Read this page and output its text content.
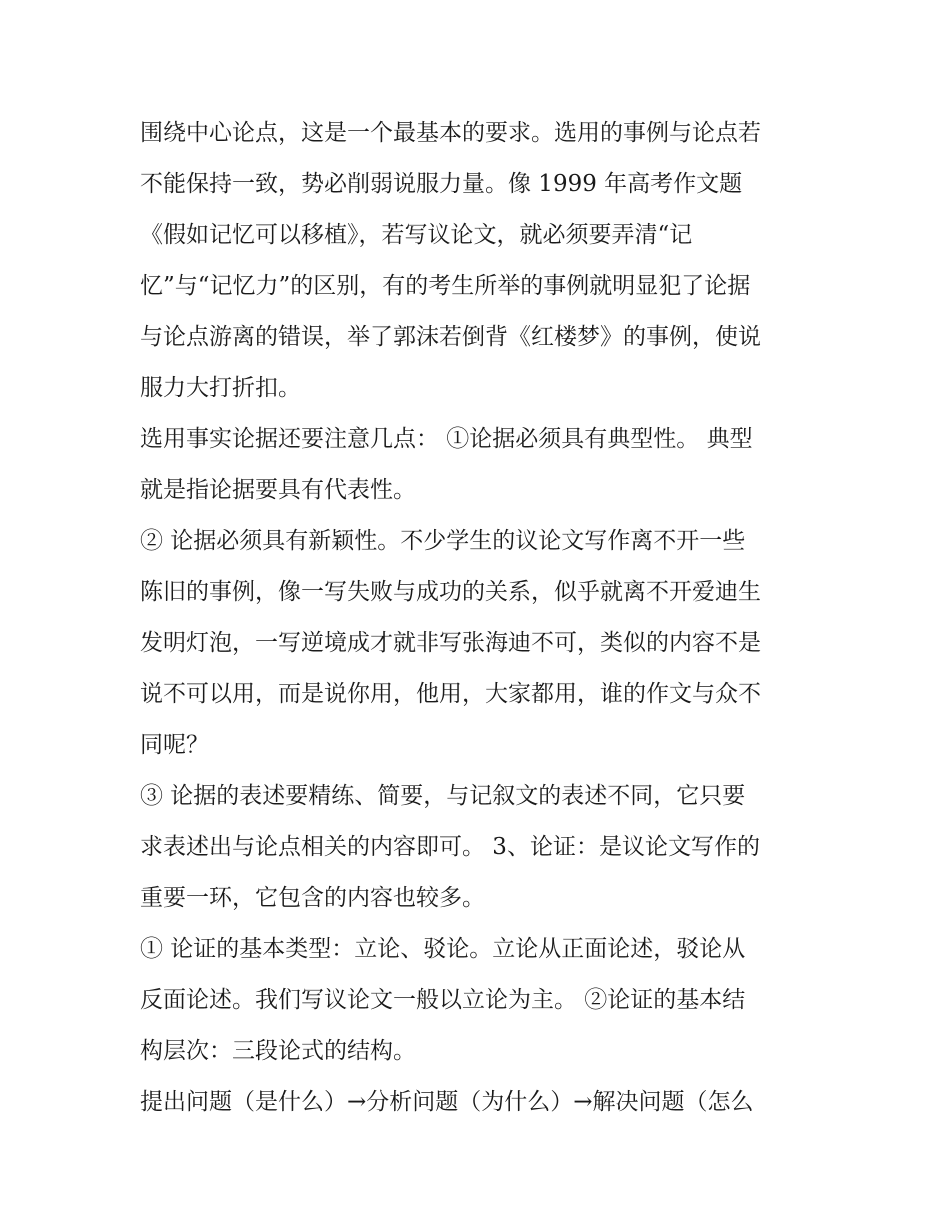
围绕中心论点，这是一个最基本的要求。选用的事例与论点若
不能保持一致，势必削弱说服力量。像 1999 年高考作文题
《假如记忆可以移植》，若写议论文，就必须要弄清“记
忆”与“记忆力”的区别，有的考生所举的事例就明显犯了论据
与论点游离的错误，举了郭沫若倒背《红楼梦》的事例，使说
服力大打折扣。
选用事实论据还要注意几点： ①论据必须具有典型性。 典型
就是指论据要具有代表性。
② 论据必须具有新颖性。不少学生的议论文写作离不开一些
陈旧的事例，像一写失败与成功的关系，似乎就离不开爱迪生
发明灯泡，一写逆境成才就非写张海迪不可，类似的内容不是
说不可以用，而是说你用，他用，大家都用，谁的作文与众不
同呢？
③ 论据的表述要精练、简要，与记叙文的表述不同，它只要
求表述出与论点相关的内容即可。 3、论证：是议论文写作的
重要一环，它包含的内容也较多。
① 论证的基本类型：立论、驳论。立论从正面论述，驳论从
反面论述。我们写议论文一般以立论为主。 ②论证的基本结
构层次：三段论式的结构。
提出问题（是什么）→分析问题（为什么）→解决问题（怎么
